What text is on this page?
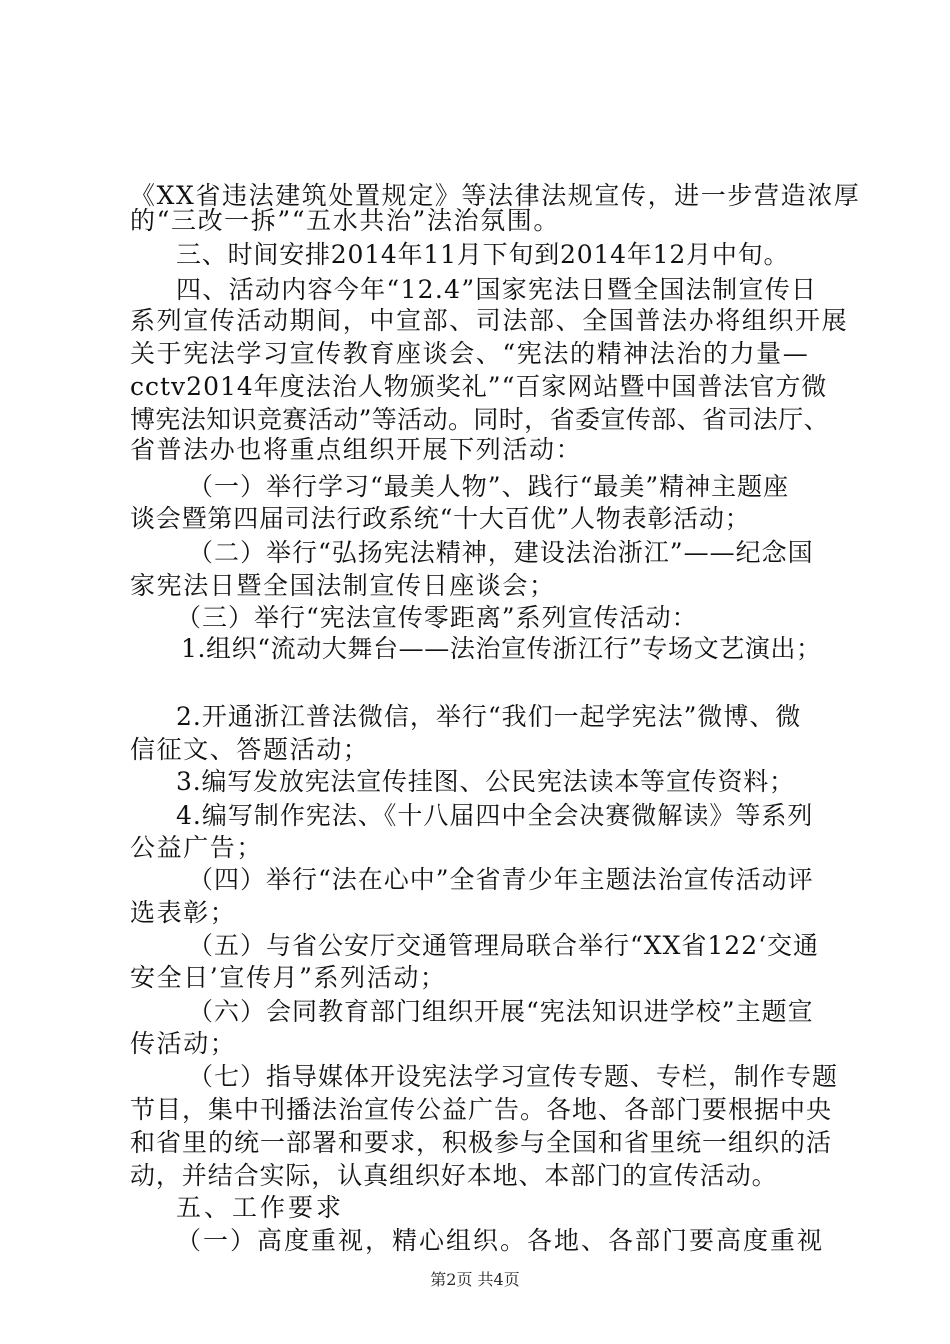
《XX省违法建筑处置规定》等法律法规宣传，进一步营造浓厚
的“三改一拆”“五水共治”法治氛围。
三、时间安排2014年11月下旬到2014年12月中旬。
四、活动内容今年“12.4”国家宪法日暨全国法制宣传日
系列宣传活动期间，中宣部、司法部、全国普法办将组织开展
关于宪法学习宣传教育座谈会、“宪法的精神法治的力量—
cctv2014年度法治人物颁奖礼”“百家网站暨中国普法官方微
博宪法知识竞赛活动”等活动。同时，省委宣传部、省司法厅、
省普法办也将重点组织开展下列活动：
（一）举行学习“最美人物”、践行“最美”精神主题座
谈会暨第四届司法行政系统“十大百优”人物表彰活动；
（二）举行“弘扬宪法精神，建设法治浙江”——纪念国
家宪法日暨全国法制宣传日座谈会；
（三）举行“宪法宣传零距离”系列宣传活动：
1.组织“流动大舞台——法治宣传浙江行”专场文艺演出；
2.开通浙江普法微信，举行“我们一起学宪法”微博、微
信征文、答题活动；
3.编写发放宪法宣传挂图、公民宪法读本等宣传资料；
4.编写制作宪法、《十八届四中全会决赛微解读》等系列
公益广告；
（四）举行“法在心中”全省青少年主题法治宣传活动评
选表彰；
（五）与省公安厅交通管理局联合举行“XX省122‘交通
安全日’宣传月”系列活动；
（六）会同教育部门组织开展“宪法知识进学校”主题宣
传活动；
（七）指导媒体开设宪法学习宣传专题、专栏，制作专题
节目，集中刊播法治宣传公益广告。各地、各部门要根据中央
和省里的统一部署和要求，积极参与全国和省里统一组织的活
动，并结合实际，认真组织好本地、本部门的宣传活动。
五、工作要求
（一）高度重视，精心组织。各地、各部门要高度重视
第2页 共4页
